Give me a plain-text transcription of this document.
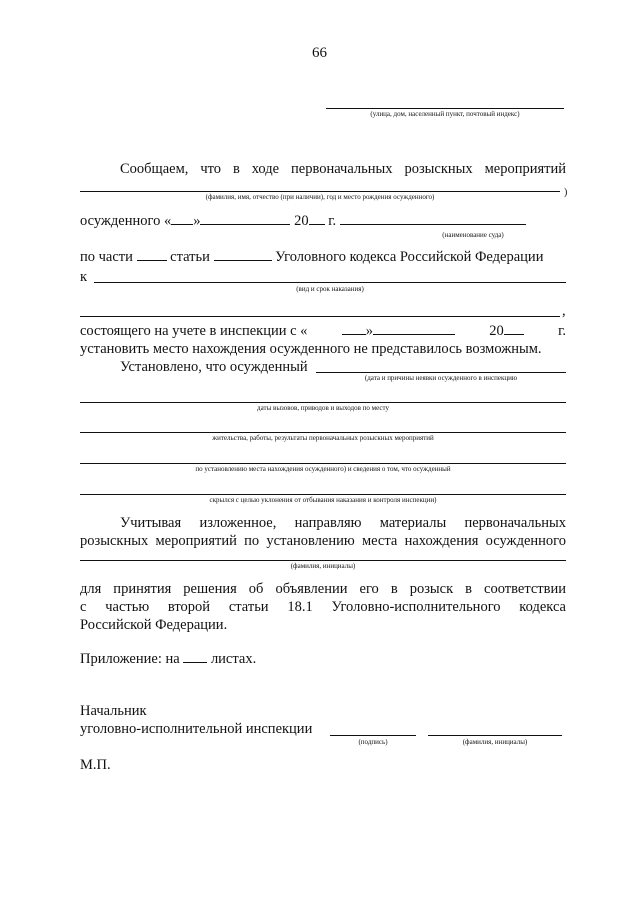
66
(улица, дом, населенный пункт, почтовый индекс)
Сообщаем, что в ходе первоначальных розыскных мероприятий
)
(фамилия, имя, отчество (при наличии), год и место рождения осужденного)
осужденного « »	20 г.
(наименование суда)
по части	статьи	Уголовного кодекса Российской Федерации
к
(вид и срок наказания)
,
состоящего на учете в инспекции с «	»	20	г.
установить место нахождения осужденного не представилось возможным.
Установлено, что осужденный
(дата и причины неявки осужденного в инспекцию
даты вызовов, приводов и выходов по месту
жительства, работы, результаты первоначальных розыскных мероприятий
по установлению места нахождения осужденного) и сведения о том, что осужденный
скрылся с целью уклонения от отбывания наказания и контроля инспекции)
Учитывая изложенное, направляю материалы первоначальных
розыскных мероприятий по установлению места нахождения осужденного
(фамилия, инициалы)
для принятия решения об объявлении его в розыск в соответствии
с частью второй статьи 18.1 Уголовно-исполнительного кодекса
Российской Федерации.
Приложение: на листах.
Начальник
уголовно-исполнительной инспекции
(подпись)	(фамилия, инициалы)
М.П.
